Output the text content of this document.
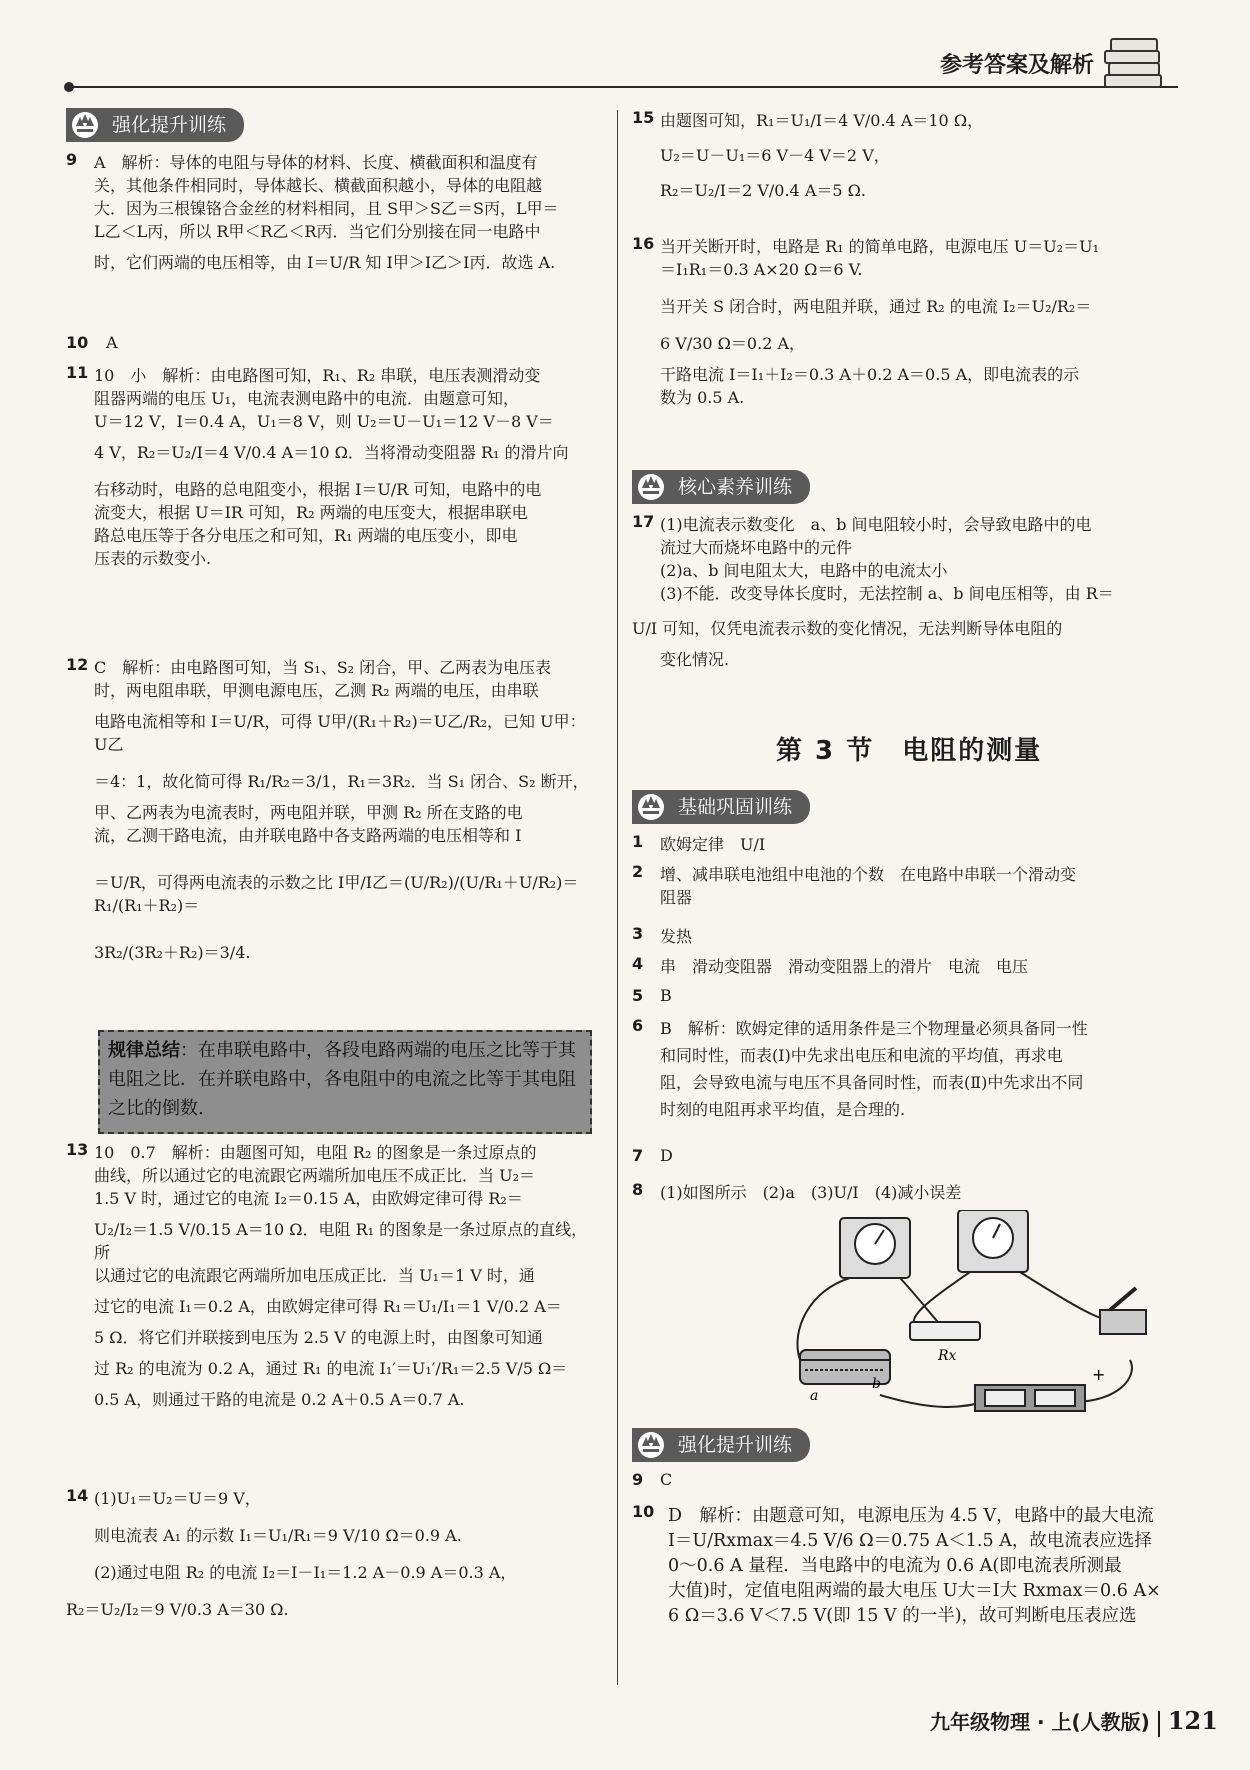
参考答案及解析
强化提升训练
9	A　解析：导体的电阻与导体的材料、长度、横截面积和温度有
关，其他条件相同时，导体越长、横截面积越小，导体的电阻越
大．因为三根镍铬合金丝的材料相同，且 S甲＞S乙＝S丙，L甲＝
L乙＜L丙，所以 R甲＜R乙＜R丙．当它们分别接在同一电路中
时，它们两端的电压相等，由 I＝U/R 知 I甲＞I乙＞I丙．故选 A.
10	A
11 10　小　解析：由电路图可知，R₁、R₂ 串联，电压表测滑动变
阻器两端的电压 U₁，电流表测电路中的电流．由题意可知，
U＝12 V，I＝0.4 A，U₁＝8 V，则 U₂＝U－U₁＝12 V－8 V＝
4 V，R₂＝U₂/I＝4 V/0.4 A＝10 Ω．当将滑动变阻器 R₁ 的滑片向
右移动时，电路的总电阻变小，根据 I＝U/R 可知，电路中的电
流变大，根据 U＝IR 可知，R₂ 两端的电压变大，根据串联电
路总电压等于各分电压之和可知，R₁ 两端的电压变小，即电
压表的示数变小.
12 C　解析：由电路图可知，当 S₁、S₂ 闭合，甲、乙两表为电压表
时，两电阻串联，甲测电源电压，乙测 R₂ 两端的电压，由串联
电路电流相等和 I＝U/R，可得 U甲/(R₁＋R₂)＝U乙/R₂，已知 U甲：U乙
＝4：1，故化简可得 R₁/R₂＝3/1，R₁＝3R₂．当 S₁ 闭合、S₂ 断开，
甲、乙两表为电流表时，两电阻并联，甲测 R₂ 所在支路的电
流，乙测干路电流，由并联电路中各支路两端的电压相等和 I
＝U/R，可得两电流表的示数之比 I甲/I乙＝(U/R₂)/(U/R₁＋U/R₂)＝R₁/(R₁＋R₂)＝
3R₂/(3R₂＋R₂)＝3/4.
规律总结：在串联电路中，各段电路两端的电压之比等于其电阻之比．在并联电路中，各电阻中的电流之比等于其电阻之比的倒数.
13 10　0.7　解析：由题图可知，电阻 R₂ 的图象是一条过原点的
曲线，所以通过它的电流跟它两端所加电压不成正比．当 U₂＝
1.5 V 时，通过它的电流 I₂＝0.15 A，由欧姆定律可得 R₂＝
U₂/I₂＝1.5 V/0.15 A＝10 Ω．电阻 R₁ 的图象是一条过原点的直线，所
以通过它的电流跟它两端所加电压成正比．当 U₁＝1 V 时，通
过它的电流 I₁＝0.2 A，由欧姆定律可得 R₁＝U₁/I₁＝1 V/0.2 A＝
5 Ω．将它们并联接到电压为 2.5 V 的电源上时，由图象可知通
过 R₂ 的电流为 0.2 A，通过 R₁ 的电流 I₁′＝U₁′/R₁＝2.5 V/5 Ω＝
0.5 A，则通过干路的电流是 0.2 A＋0.5 A＝0.7 A.
14 (1)U₁＝U₂＝U＝9 V，
则电流表 A₁ 的示数 I₁＝U₁/R₁＝9 V/10 Ω＝0.9 A.
(2)通过电阻 R₂ 的电流 I₂＝I－I₁＝1.2 A－0.9 A＝0.3 A，
R₂＝U₂/I₂＝9 V/0.3 A＝30 Ω.
15 由题图可知，R₁＝U₁/I＝4 V/0.4 A＝10 Ω，
U₂＝U－U₁＝6 V－4 V＝2 V，
R₂＝U₂/I＝2 V/0.4 A＝5 Ω.
16 当开关断开时，电路是 R₁ 的简单电路，电源电压 U＝U₂＝U₁
＝I₁R₁＝0.3 A×20 Ω＝6 V.
当开关 S 闭合时，两电阻并联，通过 R₂ 的电流 I₂＝U₂/R₂＝
6 V/30 Ω＝0.2 A，
干路电流 I＝I₁＋I₂＝0.3 A＋0.2 A＝0.5 A，即电流表的示
数为 0.5 A.
核心素养训练
17 (1)电流表示数变化　a、b 间电阻较小时，会导致电路中的电
流过大而烧坏电路中的元件
(2)a、b 间电阻太大，电路中的电流太小
(3)不能．改变导体长度时，无法控制 a、b 间电压相等，由 R＝
U/I 可知，仅凭电流表示数的变化情况，无法判断导体电阻的
变化情况.
第 3 节　电阻的测量
基础巩固训练
1	欧姆定律　U/I
2	增、减串联电池组中电池的个数　在电路中串联一个滑动变
阻器
3	发热
4	串　滑动变阻器　滑动变阻器上的滑片　电流　电压
5	B
6	B　解析：欧姆定律的适用条件是三个物理量必须具备同一性
和同时性，而表(Ⅰ)中先求出电压和电流的平均值，再求电
阻，会导致电流与电压不具备同时性，而表(Ⅱ)中先求出不同
时刻的电阻再求平均值，是合理的.
7	D
8	(1)如图所示　(2)a　(3)U/I　(4)减小误差
a
b
Rx
+
强化提升训练
9	C
10 D　解析：由题意可知，电源电压为 4.5 V，电路中的最大电流
I＝U/Rxmax＝4.5 V/6 Ω＝0.75 A＜1.5 A，故电流表应选择
0～0.6 A 量程．当电路中的电流为 0.6 A(即电流表所测最
大值)时，定值电阻两端的最大电压 U大＝I大 Rxmax＝0.6 A×
6 Ω＝3.6 V＜7.5 V(即 15 V 的一半)，故可判断电压表应选
九年级物理 · 上(人教版) 121
